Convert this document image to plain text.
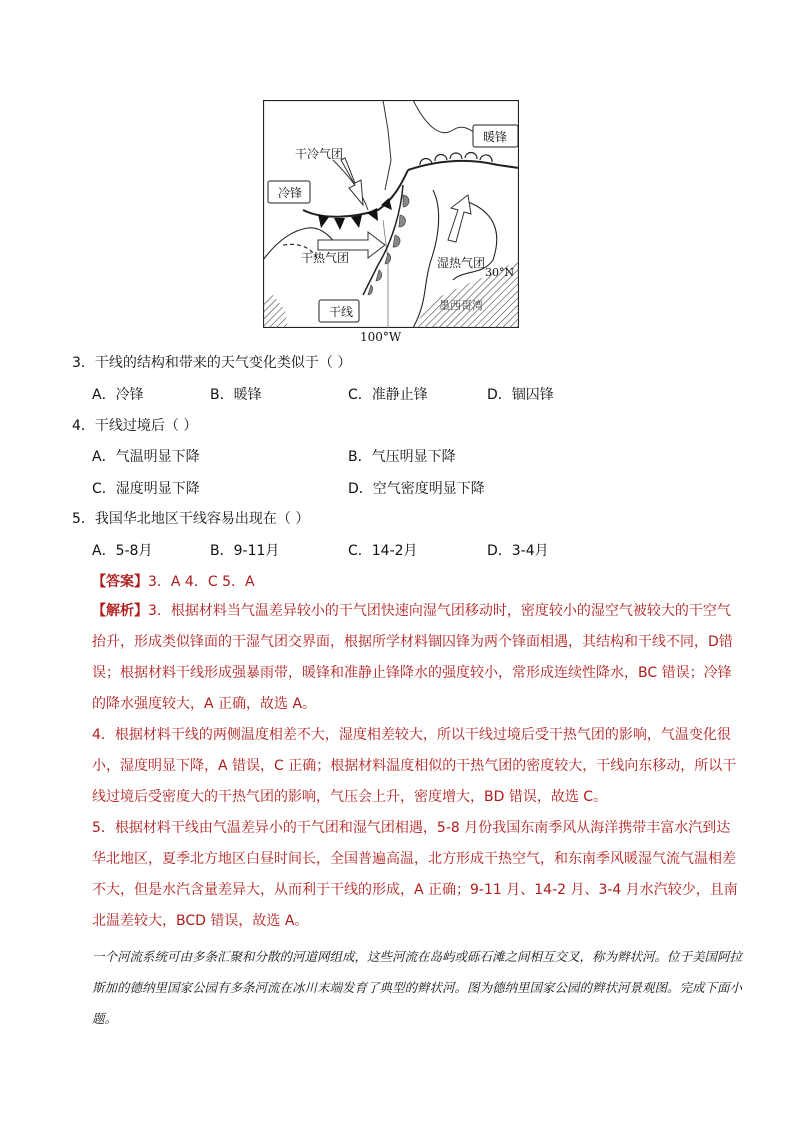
干冷气团
冷锋
暖锋
干热气团	湿热气团
干线	墨西哥湾
30°N
100°W
3．干线的结构和带来的天气变化类似于（ ）
A．冷锋	B．暖锋	C．准静止锋	D．锢囚锋
4．干线过境后（ ）
A．气温明显下降	B．气压明显下降
C．湿度明显下降	D．空气密度明显下降
5．我国华北地区干线容易出现在（ ）
A．5-8月	B．9-11月	C．14-2月	D．3-4月
【答案】3．A 4．C 5．A

【解析】3．根据材料当气温差异较小的干气团快速向湿气团移动时，密度较小的湿空气被较大的干空气抬升，形成类似锋面的干湿气团交界面，根据所学材料锢囚锋为两个锋面相遇，其结构和干线不同，D错误；根据材料干线形成强暴雨带，暖锋和准静止锋降水的强度较小，常形成连续性降水，BC 错误；冷锋的降水强度较大，A 正确，故选 A。

4．根据材料干线的两侧温度相差不大，湿度相差较大，所以干线过境后受干热气团的影响，气温变化很小，湿度明显下降，A 错误，C 正确；根据材料温度相似的干热气团的密度较大，干线向东移动，所以干线过境后受密度大的干热气团的影响，气压会上升，密度增大，BD 错误，故选 C。

5．根据材料干线由气温差异小的干气团和湿气团相遇，5-8 月份我国东南季风从海洋携带丰富水汽到达华北地区，夏季北方地区白昼时间长，全国普遍高温，北方形成干热空气，和东南季风暖湿气流气温相差不大，但是水汽含量差异大，从而利于干线的形成，A 正确；9-11 月、14-2 月、3-4 月水汽较少，且南北温差较大，BCD 错误，故选 A。

一个河流系统可由多条汇聚和分散的河道网组成，这些河流在岛屿或砾石滩之间相互交叉，称为辫状河。位于美国阿拉斯加的德纳里国家公园有多条河流在冰川末端发育了典型的辫状河。图为德纳里国家公园的辫状河景观图。完成下面小题。
